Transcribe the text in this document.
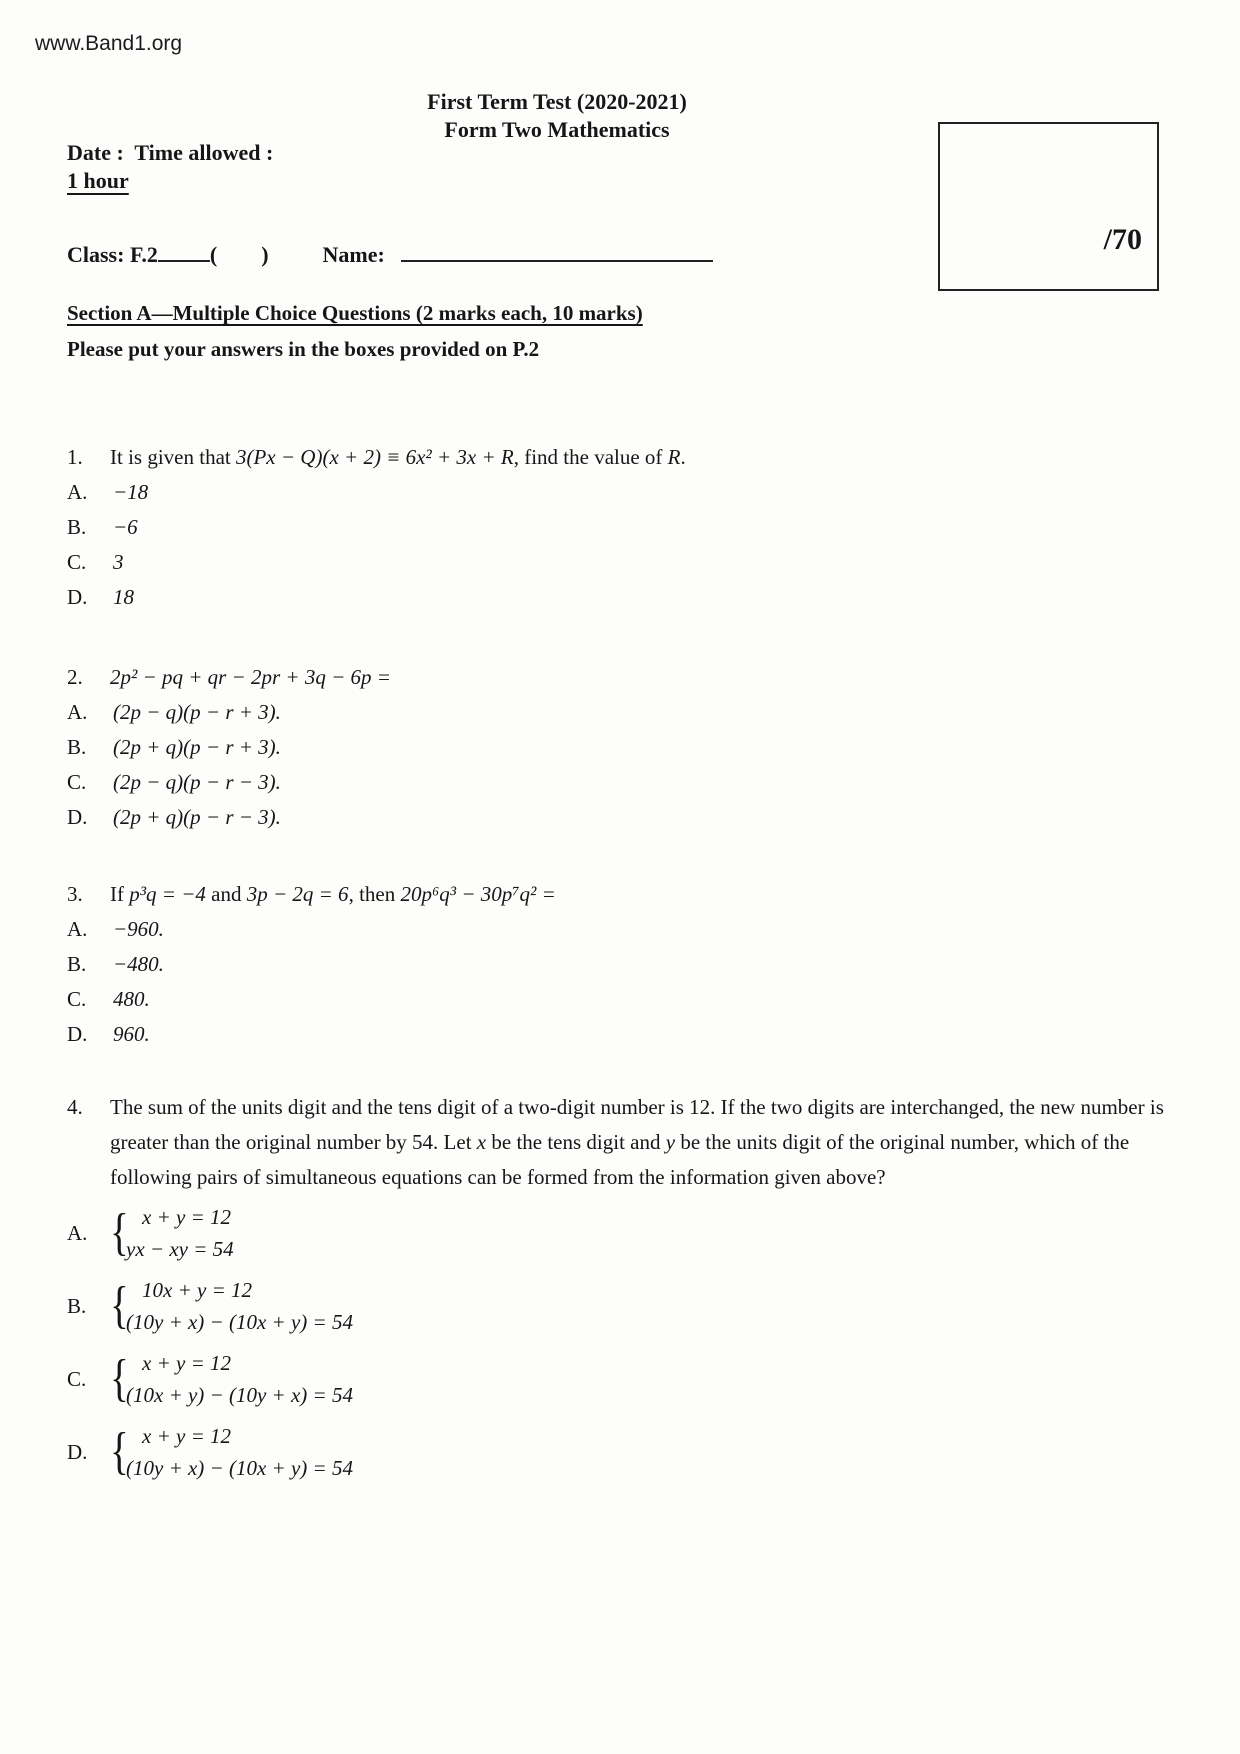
www.Band1.org
First Term Test (2020-2021)
Form Two Mathematics
Date :  Time allowed :
1 hour
/70
Class: F.2 (        ) Name:
Section A—Multiple Choice Questions (2 marks each, 10 marks)
Please put your answers in the boxes provided on P.2
1.	It is given that 3(Px − Q)(x + 2) ≡ 6x² + 3x + R, find the value of R.
A.	−18
B.	−6
C.	3
D.	18
2.	2p² − pq + qr − 2pr + 3q − 6p =
A.	(2p − q)(p − r + 3).
B.	(2p + q)(p − r + 3).
C.	(2p − q)(p − r − 3).
D.	(2p + q)(p − r − 3).
3.	If p³q = −4 and 3p − 2q = 6, then 20p⁶q³ − 30p⁷q² =
A.	−960.
B.	−480.
C.	480.
D.	960.
4.	The sum of the units digit and the tens digit of a two-digit number is 12. If the two digits are interchanged, the new number is greater than the original number by 54. Let x be the tens digit and y be the units digit of the original number, which of the following pairs of simultaneous equations can be formed from the information given above?
A. { x + y = 12
yx − xy = 54
B. { 10x + y = 12
(10y + x) − (10x + y) = 54
C. { x + y = 12
(10x + y) − (10y + x) = 54
D. { x + y = 12
(10y + x) − (10x + y) = 54
